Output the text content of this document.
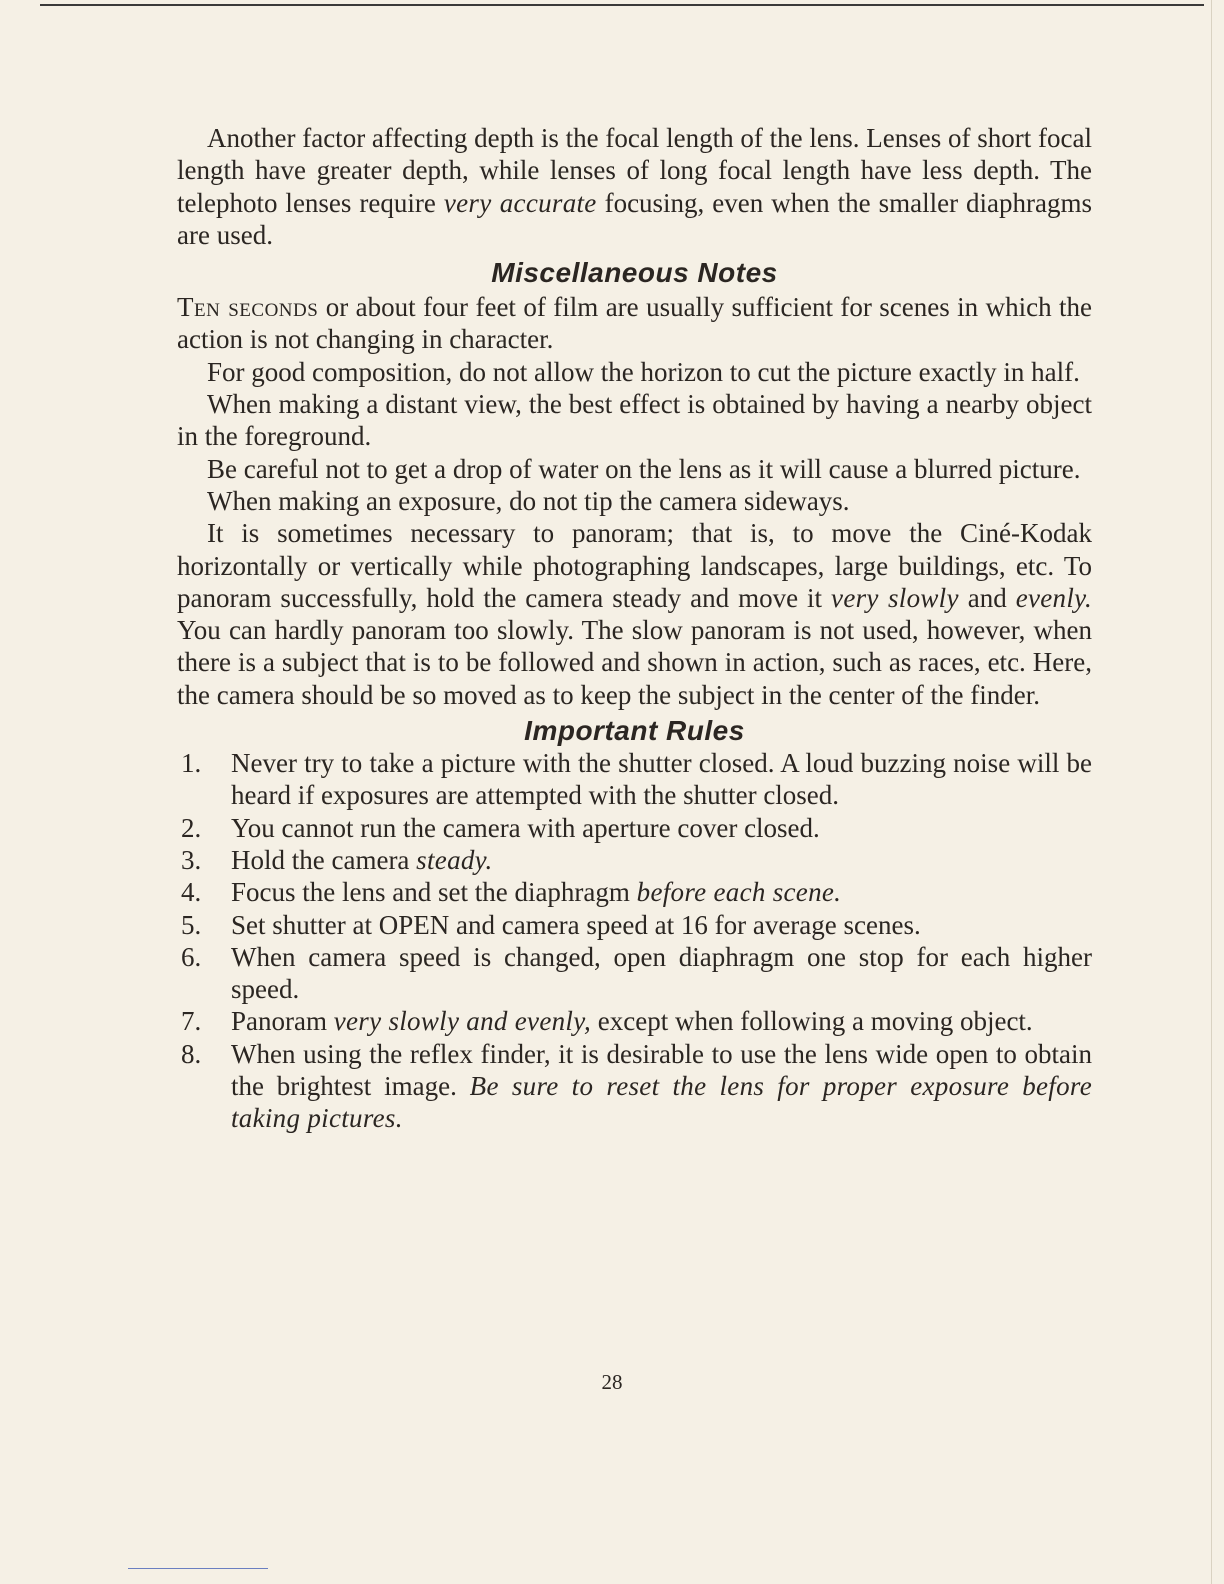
Another factor affecting depth is the focal length of the lens. Lenses of short focal length have greater depth, while lenses of long focal length have less depth. The telephoto lenses require very accurate focusing, even when the smaller diaphragms are used.

Miscellaneous Notes

Ten seconds or about four feet of film are usually sufficient for scenes in which the action is not changing in character.

For good composition, do not allow the horizon to cut the picture exactly in half.

When making a distant view, the best effect is obtained by having a nearby object in the foreground.

Be careful not to get a drop of water on the lens as it will cause a blurred picture.

When making an exposure, do not tip the camera sideways.

It is sometimes necessary to panoram; that is, to move the Ciné-Kodak horizontally or vertically while photographing landscapes, large buildings, etc. To panoram successfully, hold the camera steady and move it very slowly and evenly. You can hardly panoram too slowly. The slow panoram is not used, however, when there is a subject that is to be followed and shown in action, such as races, etc. Here, the camera should be so moved as to keep the subject in the center of the finder.

Important Rules
1. Never try to take a picture with the shutter closed. A loud buzzing noise will be heard if exposures are attempted with the shutter closed.
2. You cannot run the camera with aperture cover closed.
3. Hold the camera steady.
4. Focus the lens and set the diaphragm before each scene.
5. Set shutter at OPEN and camera speed at 16 for average scenes.
6. When camera speed is changed, open diaphragm one stop for each higher speed.
7. Panoram very slowly and evenly, except when following a moving object.
8. When using the reflex finder, it is desirable to use the lens wide open to obtain the brightest image. Be sure to reset the lens for proper exposure before taking pictures.
28
